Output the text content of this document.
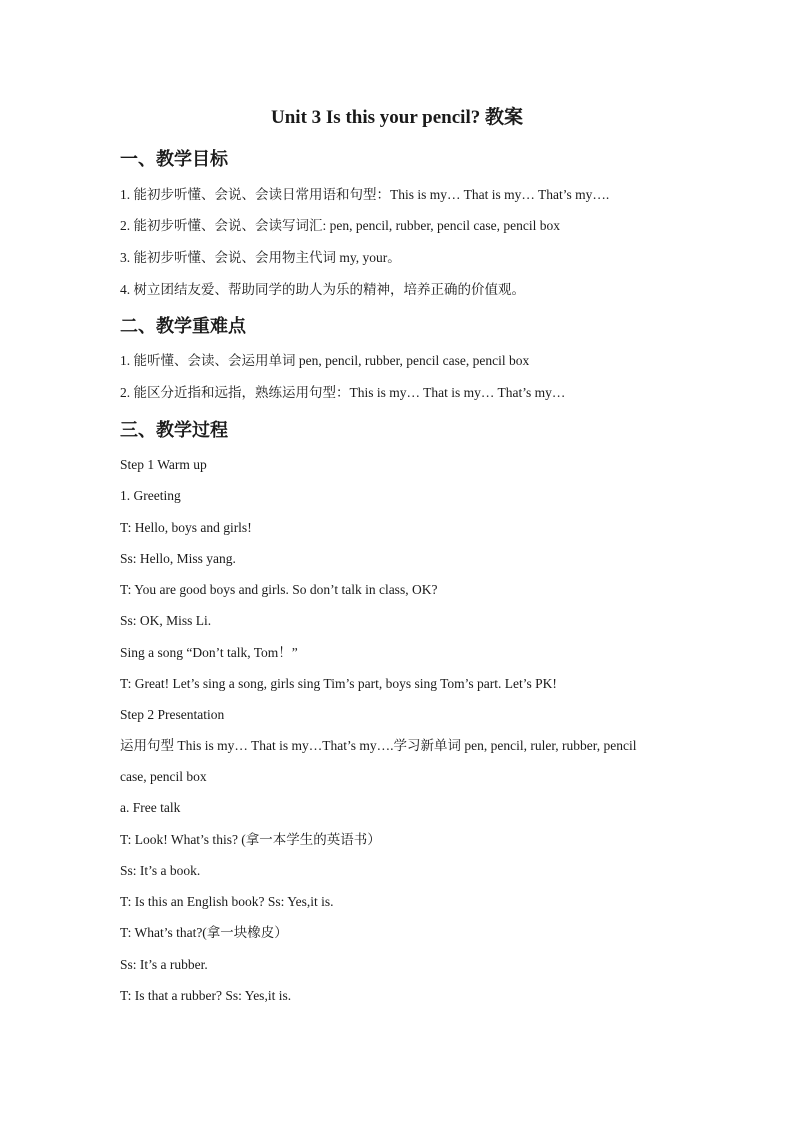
Unit 3 Is this your pencil? 教案
一、教学目标
1. 能初步听懂、会说、会读日常用语和句型：This is my… That is my… That’s my….
2. 能初步听懂、会说、会读写词汇: pen, pencil, rubber, pencil case, pencil box
3. 能初步听懂、会说、会用物主代词 my, your。
4. 树立团结友爱、帮助同学的助人为乐的精神，培养正确的价值观。
二、教学重难点
1. 能听懂、会读、会运用单词 pen, pencil, rubber, pencil case, pencil box
2. 能区分近指和远指，熟练运用句型：This is my… That is my… That’s my…
三、教学过程
Step 1 Warm up
1. Greeting
T: Hello, boys and girls!
Ss: Hello, Miss yang.
T: You are good boys and girls. So don’t talk in class, OK?
Ss: OK, Miss Li.
Sing a song “Don’t talk, Tom！”
T: Great! Let’s sing a song, girls sing Tim’s part, boys sing Tom’s part. Let’s PK!
Step 2 Presentation
运用句型 This is my… That is my…That’s my….学习新单词 pen, pencil, ruler, rubber, pencil
case, pencil box
a. Free talk
T: Look! What’s this? (拿一本学生的英语书）
Ss: It’s a book.
T: Is this an English book? Ss: Yes,it is.
T: What’s that?(拿一块橡皮）
Ss: It’s a rubber.
T: Is that a rubber? Ss: Yes,it is.
